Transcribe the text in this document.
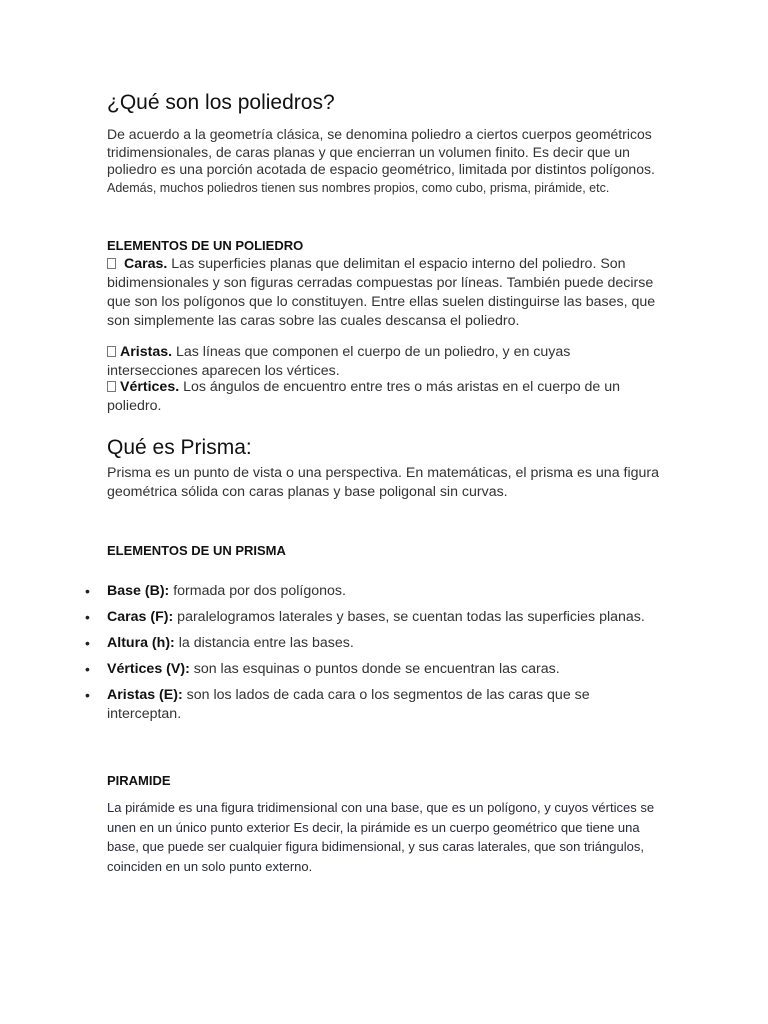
¿Qué son los poliedros?

De acuerdo a la geometría clásica, se denomina poliedro a ciertos cuerpos geométricos tridimensionales, de caras planas y que encierran un volumen finito. Es decir que un poliedro es una porción acotada de espacio geométrico, limitada por distintos polígonos. Además, muchos poliedros tienen sus nombres propios, como cubo, prisma, pirámide, etc.

ELEMENTOS DE UN POLIEDRO

Caras. Las superficies planas que delimitan el espacio interno del poliedro. Son bidimensionales y son figuras cerradas compuestas por líneas. También puede decirse que son los polígonos que lo constituyen. Entre ellas suelen distinguirse las bases, que son simplemente las caras sobre las cuales descansa el poliedro.

Aristas. Las líneas que componen el cuerpo de un poliedro, y en cuyas intersecciones aparecen los vértices.

Vértices. Los ángulos de encuentro entre tres o más aristas en el cuerpo de un poliedro.

Qué es Prisma:

Prisma es un punto de vista o una perspectiva. En matemáticas, el prisma es una figura geométrica sólida con caras planas y base poligonal sin curvas.

ELEMENTOS DE UN PRISMA
• Base (B): formada por dos polígonos.
• Caras (F): paralelogramos laterales y bases, se cuentan todas las superficies planas.
• Altura (h): la distancia entre las bases.
• Vértices (V): son las esquinas o puntos donde se encuentran las caras.
• Aristas (E): son los lados de cada cara o los segmentos de las caras que se interceptan.
PIRAMIDE

La pirámide es una figura tridimensional con una base, que es un polígono, y cuyos vértices se unen en un único punto exterior Es decir, la pirámide es un cuerpo geométrico que tiene una base, que puede ser cualquier figura bidimensional, y sus caras laterales, que son triángulos, coinciden en un solo punto externo.
